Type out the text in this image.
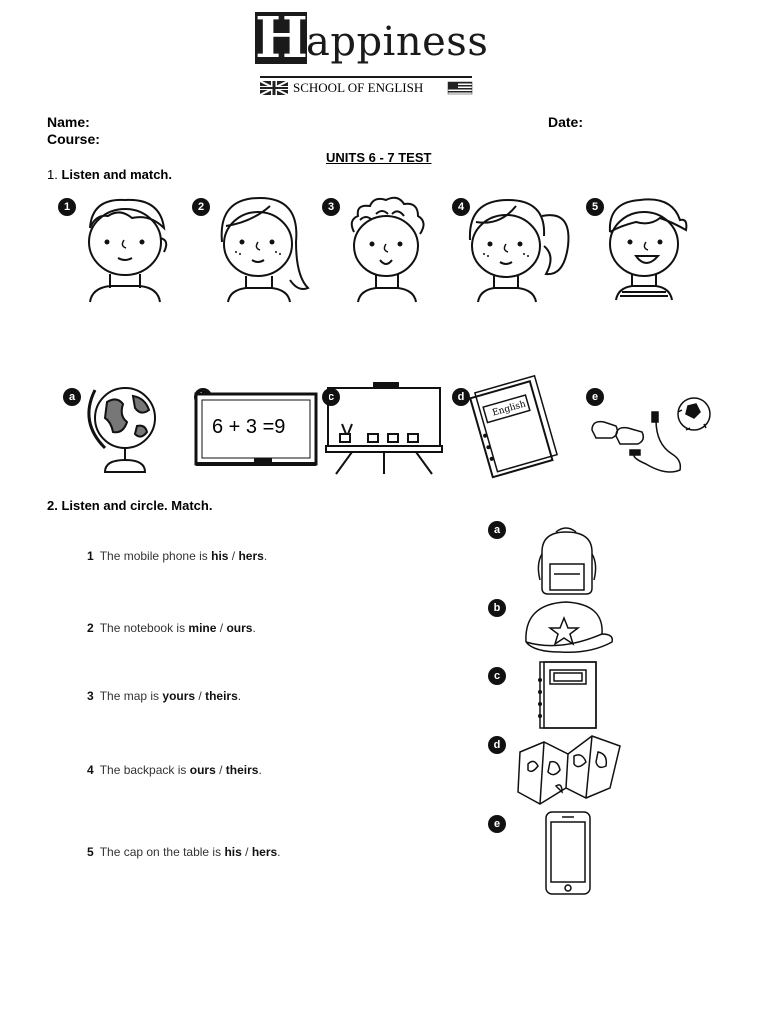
H
appiness
SCHOOL OF ENGLISH
Name:	Date:
Course:
UNITS 6 - 7 TEST
1. Listen and match.
1	2	3	4	5
a
6 + 3 =9
c	d
English
e
2. Listen and circle. Match.
1 The mobile phone is his / hers.
2 The notebook is mine / ours.
3 The map is yours / theirs.
4 The backpack is ours / theirs.
5 The cap on the table is his / hers.
a
b
c
d
e
